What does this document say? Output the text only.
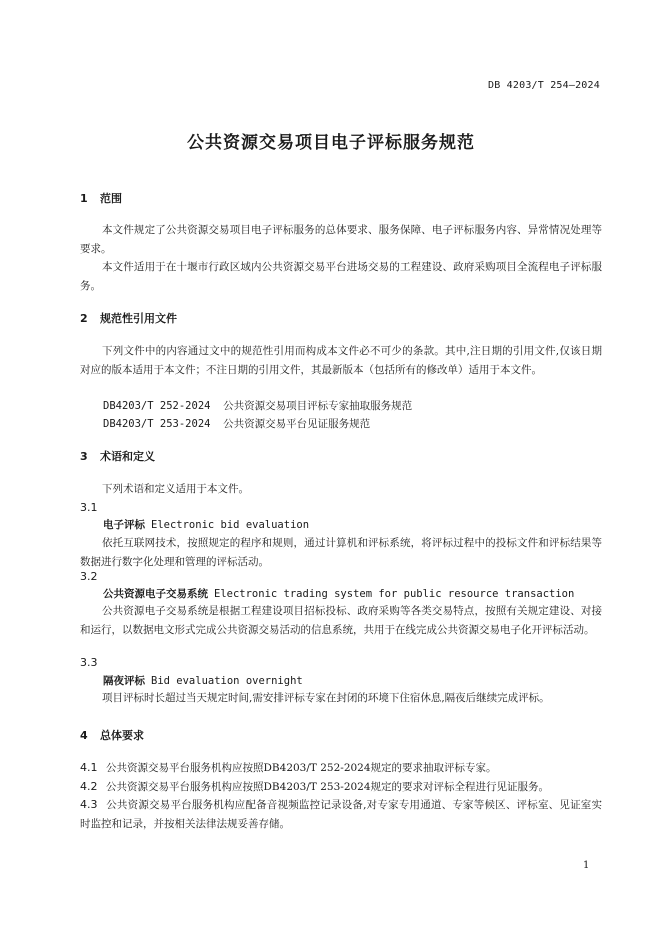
DB 4203/T 254—2024
公共资源交易项目电子评标服务规范
1 范围
本文件规定了公共资源交易项目电子评标服务的总体要求、服务保障、电子评标服务内容、异常情况处理等要求。
本文件适用于在十堰市行政区域内公共资源交易平台进场交易的工程建设、政府采购项目全流程电子评标服务。
2 规范性引用文件
下列文件中的内容通过文中的规范性引用而构成本文件必不可少的条款。其中,注日期的引用文件,仅该日期对应的版本适用于本文件；不注日期的引用文件，其最新版本（包括所有的修改单）适用于本文件。
DB4203/T 252-2024 公共资源交易项目评标专家抽取服务规范
DB4203/T 253-2024 公共资源交易平台见证服务规范
3 术语和定义
下列术语和定义适用于本文件。
3.1
电子评标 Electronic bid evaluation
依托互联网技术，按照规定的程序和规则，通过计算机和评标系统，将评标过程中的投标文件和评标结果等数据进行数字化处理和管理的评标活动。
3.2
公共资源电子交易系统 Electronic trading system for public resource transaction
公共资源电子交易系统是根据工程建设项目招标投标、政府采购等各类交易特点，按照有关规定建设、对接和运行，以数据电文形式完成公共资源交易活动的信息系统，共用于在线完成公共资源交易电子化开评标活动。
3.3
隔夜评标 Bid evaluation overnight
项目评标时长超过当天规定时间,需安排评标专家在封闭的环境下住宿休息,隔夜后继续完成评标。
4 总体要求
4.1 公共资源交易平台服务机构应按照DB4203/T 252-2024规定的要求抽取评标专家。
4.2 公共资源交易平台服务机构应按照DB4203/T 253-2024规定的要求对评标全程进行见证服务。
4.3 公共资源交易平台服务机构应配备音视频监控记录设备,对专家专用通道、专家等候区、评标室、见证室实时监控和记录，并按相关法律法规妥善存储。
1
